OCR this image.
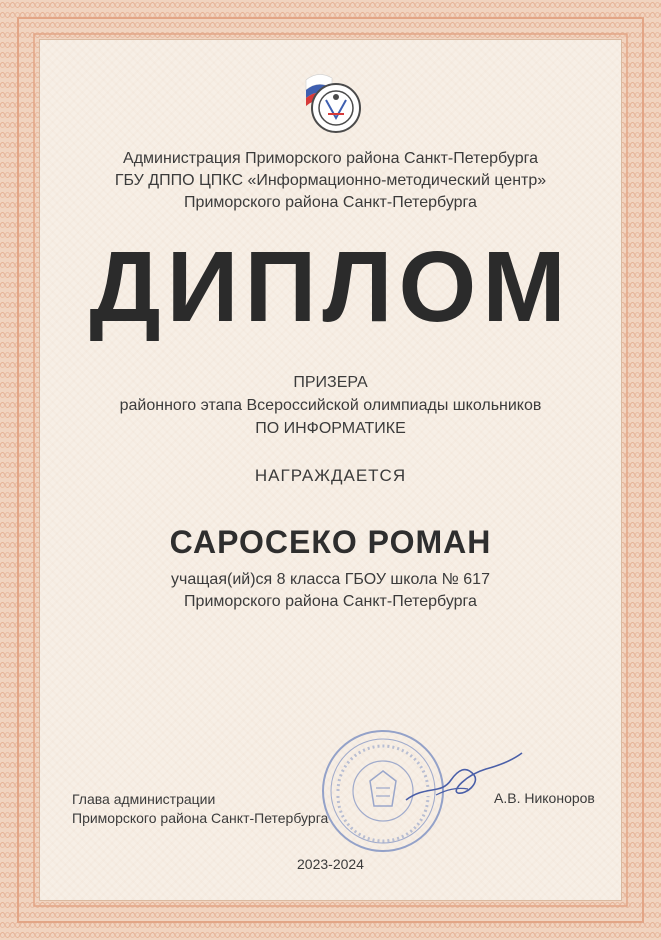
Администрация Приморского района Санкт-Петербурга
ГБУ ДППО ЦПКС «Информационно-методический центр»
Приморского района Санкт-Петербурга
ДИПЛОМ
ПРИЗЕРА
районного этапа Всероссийской олимпиады школьников
ПО ИНФОРМАТИКЕ
НАГРАЖДАЕТСЯ
САРОСЕКО РОМАН
учащая(ий)ся 8 класса ГБОУ школа № 617
Приморского района Санкт-Петербурга
Глава администрации
Приморского района Санкт-Петербурга
А.В. Никоноров
2023-2024
